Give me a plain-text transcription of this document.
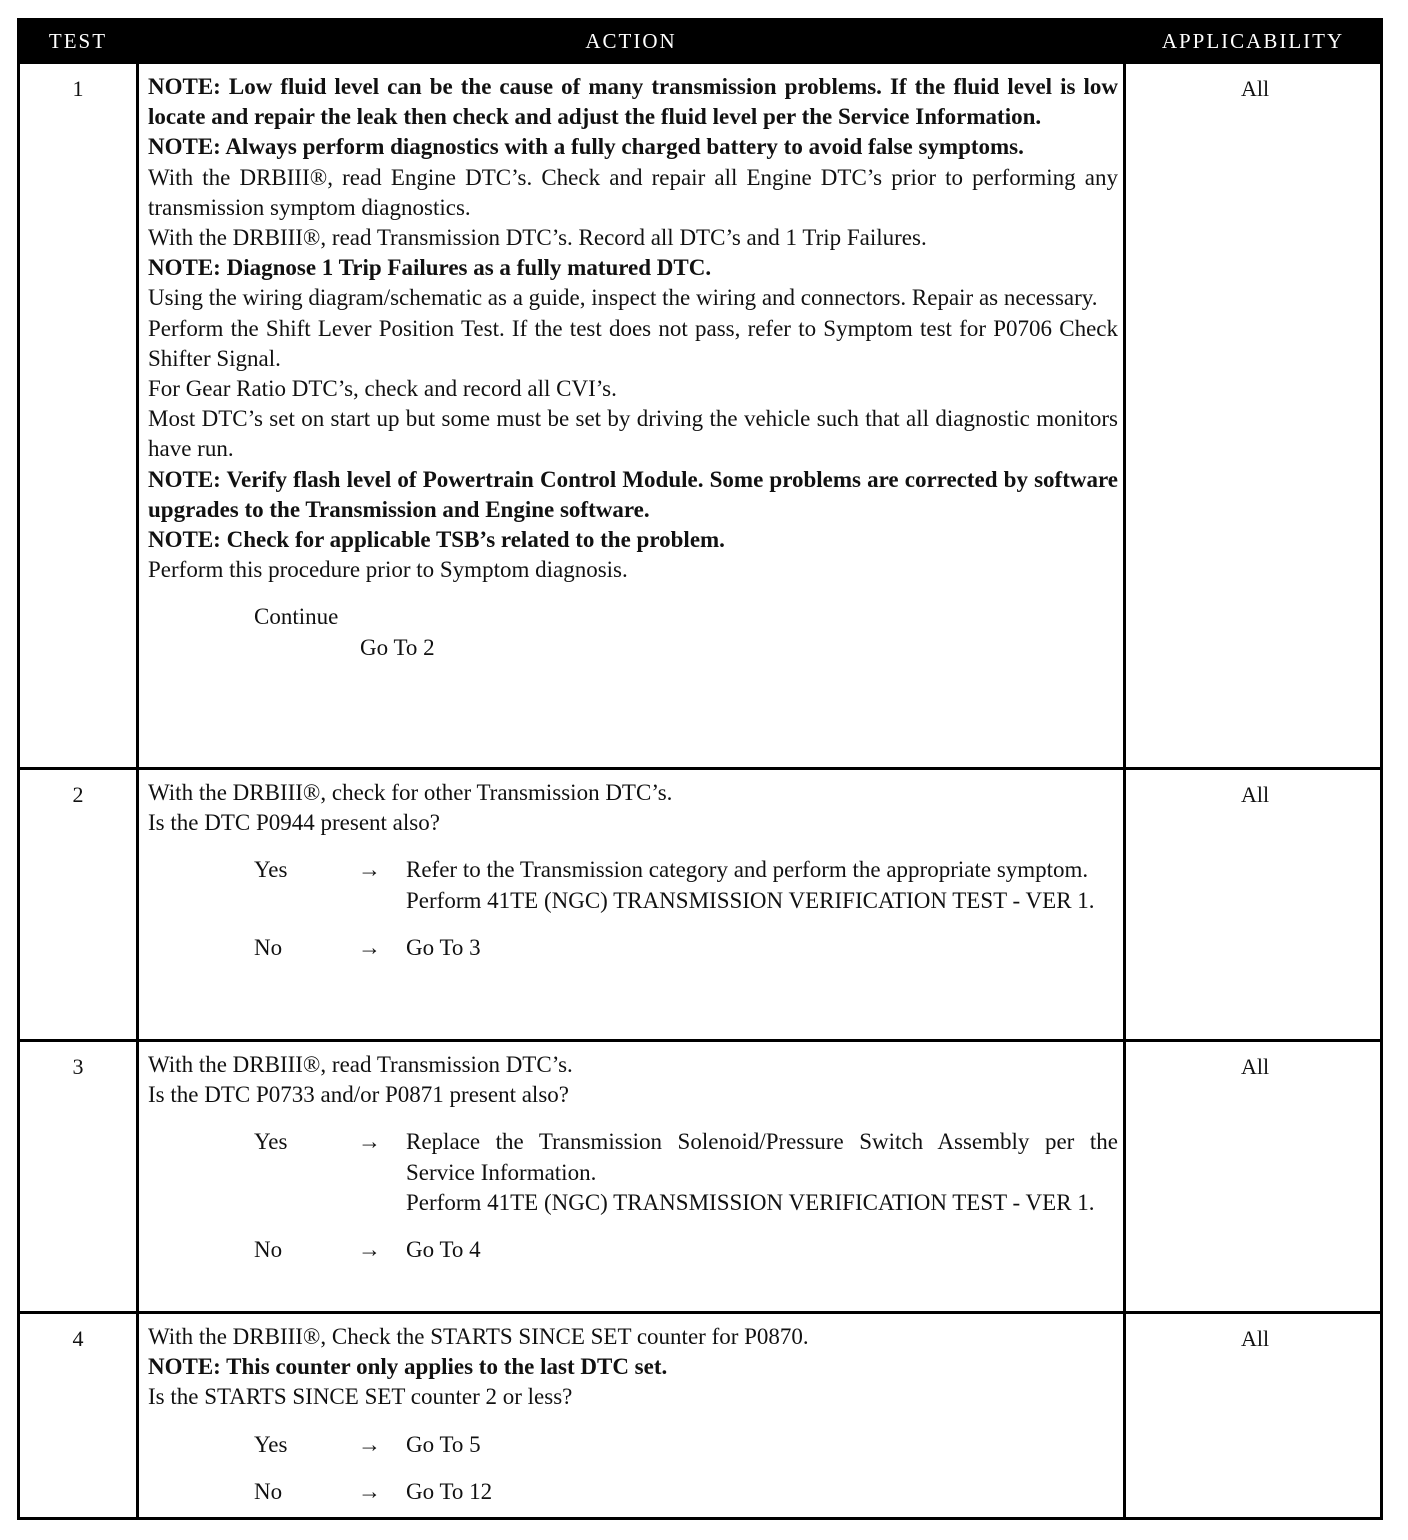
TEST	ACTION	APPLICABILITY
1	NOTE: Low fluid level can be the cause of many transmission problems. If the fluid level is low locate and repair the leak then check and adjust the fluid level per the Service Information.

NOTE: Always perform diagnostics with a fully charged battery to avoid false symptoms.

With the DRBIII®, read Engine DTC’s. Check and repair all Engine DTC’s prior to performing any transmission symptom diagnostics.

With the DRBIII®, read Transmission DTC’s. Record all DTC’s and 1 Trip Failures.

NOTE: Diagnose 1 Trip Failures as a fully matured DTC.

Using the wiring diagram/schematic as a guide, inspect the wiring and connectors. Repair as necessary.

Perform the Shift Lever Position Test. If the test does not pass, refer to Symptom test for P0706 Check Shifter Signal.

For Gear Ratio DTC’s, check and record all CVI’s.

Most DTC’s set on start up but some must be set by driving the vehicle such that all diagnostic monitors have run.

NOTE: Verify flash level of Powertrain Control Module. Some problems are corrected by software upgrades to the Transmission and Engine software.

NOTE: Check for applicable TSB’s related to the problem.

Perform this procedure prior to Symptom diagnosis.

Continue
Go To 2
All
2	With the DRBIII®, check for other Transmission DTC’s.

Is the DTC P0944 present also?

Yes	→	Refer to the Transmission category and perform the appropriate symptom.
Perform 41TE (NGC) TRANSMISSION VERIFICATION TEST - VER 1.
No	→	Go To 3
All
3	With the DRBIII®, read Transmission DTC’s.

Is the DTC P0733 and/or P0871 present also?

Yes	→	Replace the Transmission Solenoid/Pressure Switch Assembly per the Service Information.
Perform 41TE (NGC) TRANSMISSION VERIFICATION TEST - VER 1.
No	→	Go To 4
All
4	With the DRBIII®, Check the STARTS SINCE SET counter for P0870.

NOTE: This counter only applies to the last DTC set.

Is the STARTS SINCE SET counter 2 or less?

Yes	→	Go To 5
No	→	Go To 12
All
